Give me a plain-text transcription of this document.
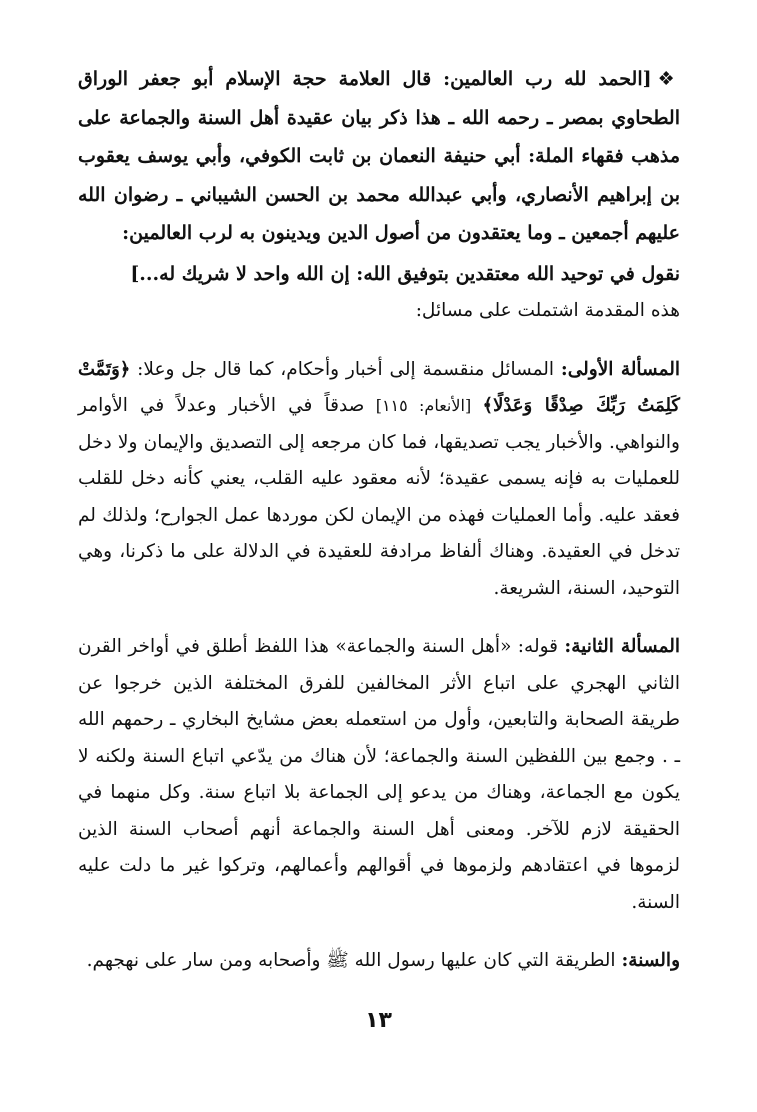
❖[الحمد لله رب العالمين: قال العلامة حجة الإسلام أبو جعفر الوراق الطحاوي بمصر ـ رحمه الله ـ هذا ذكر بيان عقيدة أهل السنة والجماعة على مذهب فقهاء الملة: أبي حنيفة النعمان بن ثابت الكوفي، وأبي يوسف يعقوب بن إبراهيم الأنصاري، وأبي عبدالله محمد بن الحسن الشيباني ـ رضوان الله عليهم أجمعين ـ وما يعتقدون من أصول الدين ويدينون به لرب العالمين:

نقول في توحيد الله معتقدين بتوفيق الله: إن الله واحد لا شريك له...]

هذه المقدمة اشتملت على مسائل:

المسألة الأولى: المسائل منقسمة إلى أخبار وأحكام، كما قال جل وعلا: ﴿وَتَمَّتْ كَلِمَتُ رَبِّكَ صِدْقًا وَعَدْلًا﴾ [الأنعام: ١١٥] صدقاً في الأخبار وعدلاً في الأوامر والنواهي. والأخبار يجب تصديقها، فما كان مرجعه إلى التصديق والإيمان ولا دخل للعمليات به فإنه يسمى عقيدة؛ لأنه معقود عليه القلب، يعني كأنه دخل للقلب فعقد عليه. وأما العمليات فهذه من الإيمان لكن موردها عمل الجوارح؛ ولذلك لم تدخل في العقيدة. وهناك ألفاظ مرادفة للعقيدة في الدلالة على ما ذكرنا، وهي التوحيد، السنة، الشريعة.

المسألة الثانية: قوله: «أهل السنة والجماعة» هذا اللفظ أطلق في أواخر القرن الثاني الهجري على اتباع الأثر المخالفين للفرق المختلفة الذين خرجوا عن طريقة الصحابة والتابعين، وأول من استعمله بعض مشايخ البخاري ـ رحمهم الله ـ . وجمع بين اللفظين السنة والجماعة؛ لأن هناك من يدّعي اتباع السنة ولكنه لا يكون مع الجماعة، وهناك من يدعو إلى الجماعة بلا اتباع سنة. وكل منهما في الحقيقة لازم للآخر. ومعنى أهل السنة والجماعة أنهم أصحاب السنة الذين لزموها في اعتقادهم ولزموها في أقوالهم وأعمالهم، وتركوا غير ما دلت عليه السنة.

والسنة: الطريقة التي كان عليها رسول الله ﷺ وأصحابه ومن سار على نهجهم.

١٣
